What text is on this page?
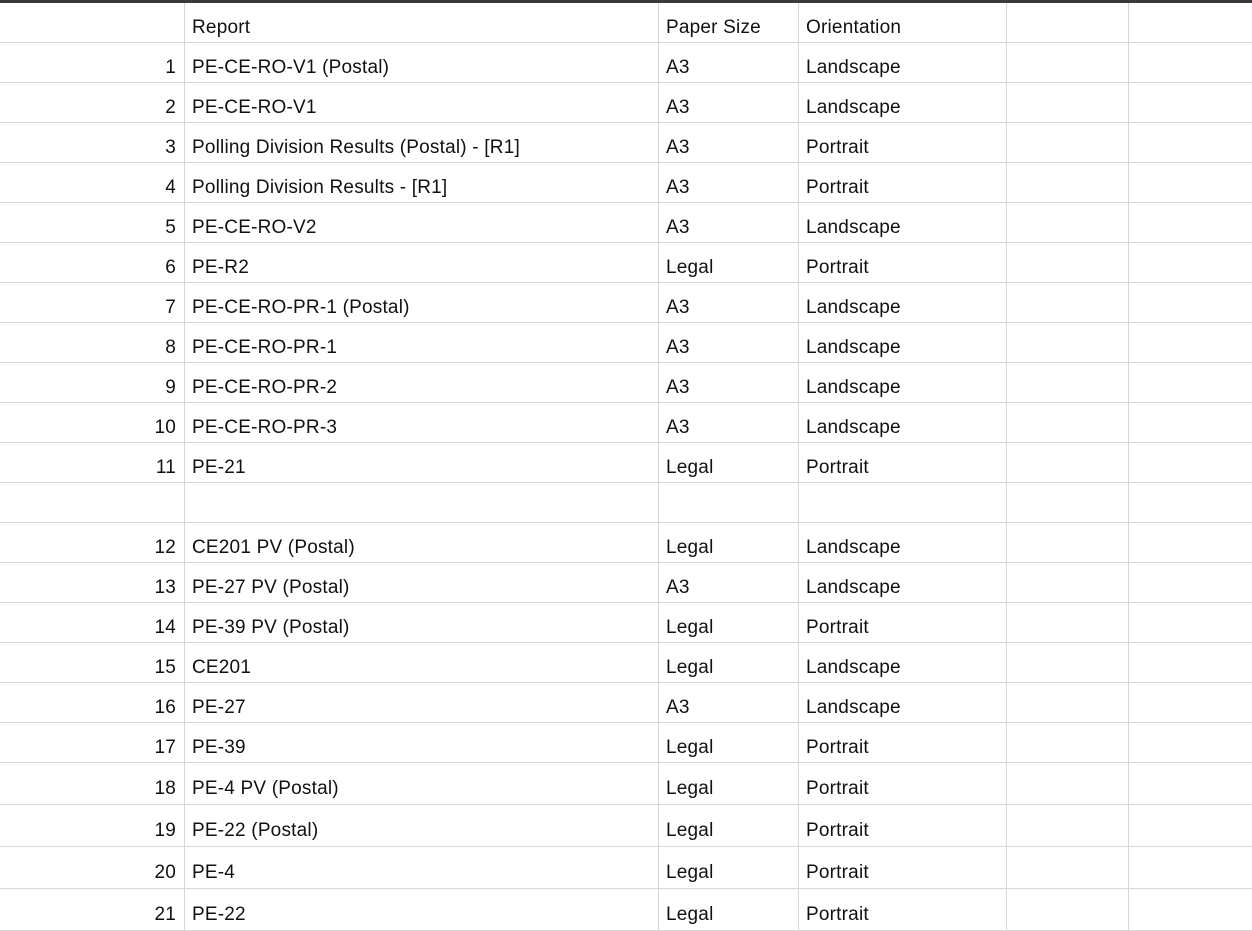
Report	Paper Size	Orientation
1 PE-CE-RO-V1 (Postal)	A3	Landscape
2 PE-CE-RO-V1	A3	Landscape
3 Polling Division Results (Postal) - [R1]	A3	Portrait
4 Polling Division Results - [R1]	A3	Portrait
5 PE-CE-RO-V2	A3	Landscape
6 PE-R2	Legal	Portrait
7 PE-CE-RO-PR-1 (Postal)	A3	Landscape
8 PE-CE-RO-PR-1	A3	Landscape
9 PE-CE-RO-PR-2	A3	Landscape
10 PE-CE-RO-PR-3	A3	Landscape
11 PE-21	Legal	Portrait
12 CE201 PV (Postal)	Legal	Landscape
13 PE-27 PV (Postal)	A3	Landscape
14 PE-39 PV (Postal)	Legal	Portrait
15 CE201	Legal	Landscape
16 PE-27	A3	Landscape
17 PE-39	Legal	Portrait
18 PE-4 PV (Postal)	Legal	Portrait
19 PE-22 (Postal)	Legal	Portrait
20 PE-4	Legal	Portrait
21 PE-22	Legal	Portrait
